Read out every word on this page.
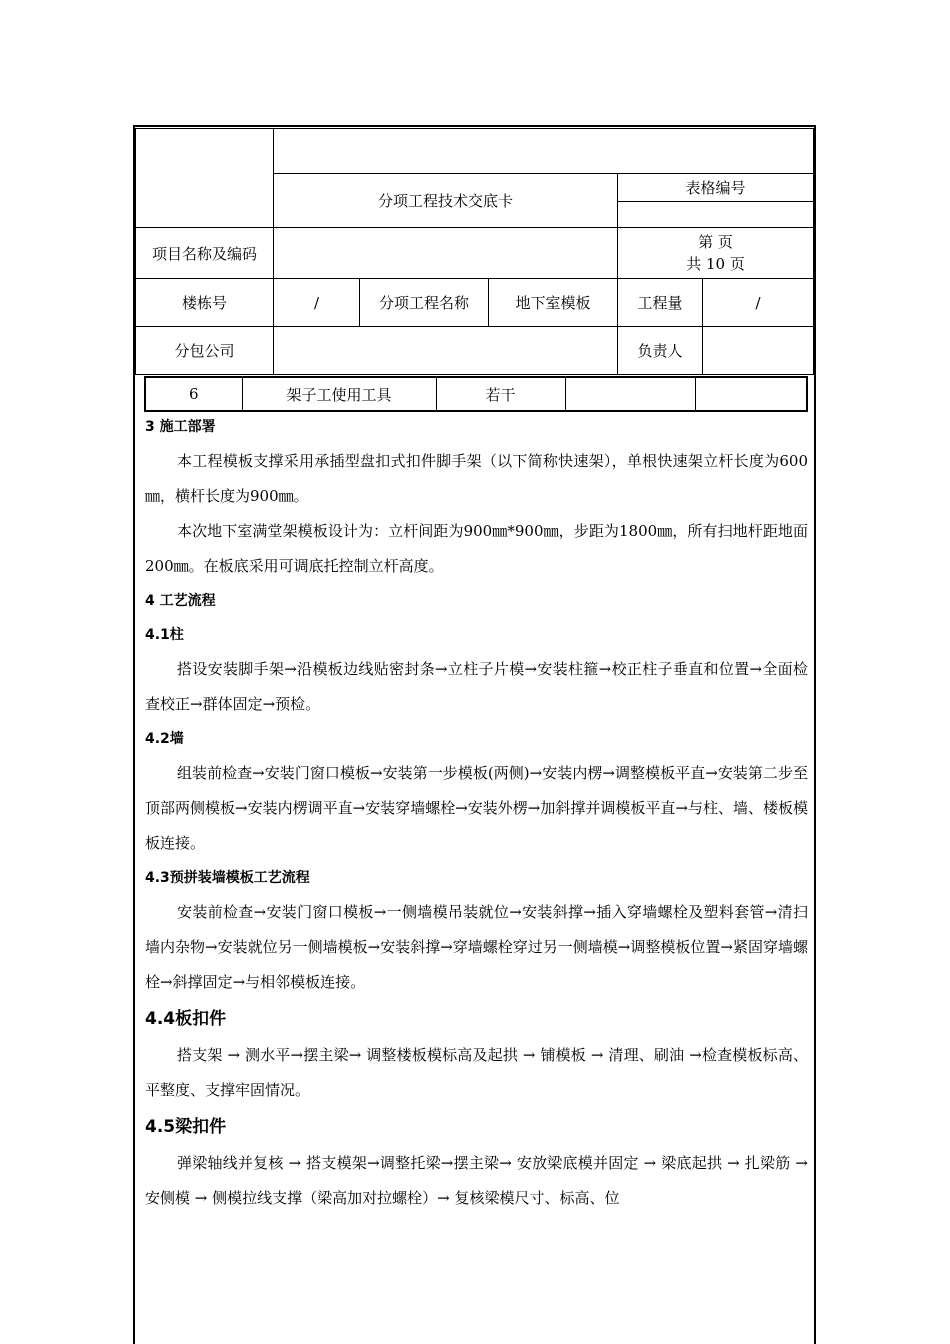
	分项工程技术交底卡			表格编号	

项目名称及编码				第 页
共 10 页	

楼栋号	/	分项工程名称	地下室模板	工程量	/
分包公司				负责人	
6	架子工使用工具	若干		

3 施工部署

本工程模板支撑采用承插型盘扣式扣件脚手架（以下简称快速架），单根快速架立杆长度为600㎜，横杆长度为900㎜。

本次地下室满堂架模板设计为：立杆间距为900㎜*900㎜，步距为1800㎜，所有扫地杆距地面200㎜。在板底采用可调底托控制立杆高度。

4 工艺流程

4.1柱

搭设安装脚手架→沿模板边线贴密封条→立柱子片模→安装柱箍→校正柱子垂直和位置→全面检查校正→群体固定→预检。

4.2墙

组装前检查→安装门窗口模板→安装第一步模板(两侧)→安装内楞→调整模板平直→安装第二步至顶部两侧模板→安装内楞调平直→安装穿墙螺栓→安装外楞→加斜撑并调模板平直→与柱、墙、楼板模板连接。

4.3预拼装墙模板工艺流程

安装前检查→安装门窗口模板→一侧墙模吊装就位→安装斜撑→插入穿墙螺栓及塑料套管→清扫墙内杂物→安装就位另一侧墙模板→安装斜撑→穿墙螺栓穿过另一侧墙模→调整模板位置→紧固穿墙螺栓→斜撑固定→与相邻模板连接。

4.4板扣件

搭支架 → 测水平→摆主梁→ 调整楼板模标高及起拱 → 铺模板 → 清理、刷油 →检查模板标高、平整度、支撑牢固情况。

4.5梁扣件

弹梁轴线并复核 → 搭支模架→调整托梁→摆主梁→ 安放梁底模并固定 → 梁底起拱 → 扎梁筋 → 安侧模 → 侧模拉线支撑（梁高加对拉螺栓）→ 复核梁模尺寸、标高、位
